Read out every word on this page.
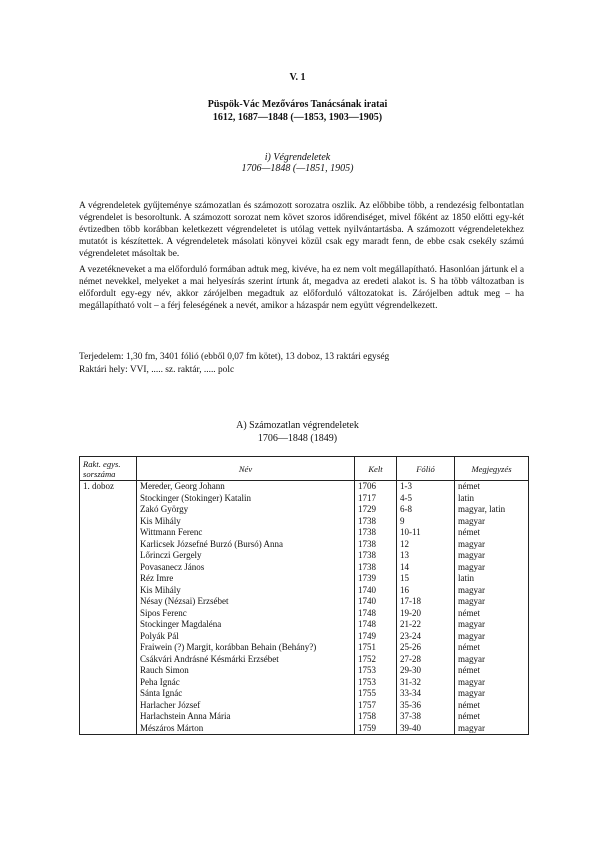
V. 1
Püspök-Vác Mezőváros Tanácsának iratai
1612, 1687—1848 (—1853, 1903—1905)
i) Végrendeletek
1706—1848 (—1851, 1905)
A végrendeletek gyűjteménye számozatlan és számozott sorozatra oszlik. Az előbbibe több, a rendezésig felbontatlan végrendelet is besoroltunk. A számozott sorozat nem követ szoros időrendiséget, mivel főként az 1850 előtti egy-két évtizedben több korábban keletkezett végrendeletet is utólag vettek nyilvántartásba. A számozott végrendeletekhez mutatót is készítettek. A végrendeletek másolati könyvei közül csak egy maradt fenn, de ebbe csak csekély számú végrendeletet másoltak be.
A vezetékneveket a ma előforduló formában adtuk meg, kivéve, ha ez nem volt megállapítható. Hasonlóan jártunk el a német nevekkel, melyeket a mai helyesírás szerint írtunk át, megadva az eredeti alakot is. S ha több változatban is előfordult egy-egy név, akkor zárójelben megadtuk az előforduló változatokat is. Zárójelben adtuk meg – ha megállapítható volt – a férj feleségének a nevét, amikor a házaspár nem együtt végrendelkezett.
Terjedelem: 1,30 fm, 3401 fólió (ebből 0,07 fm kötet), 13 doboz, 13 raktári egység
Raktári hely: VVI, ..... sz. raktár, ..... polc
A) Számozatlan végrendeletek
1706—1848 (1849)
Rakt. egys.
sorszáma	Név	Kelt	Fólió	Megjegyzés
1. doboz	Mereder, Georg Johann	1706	1-3	német
	Stockinger (Stokinger) Katalin	1717	4-5	latin
	Zakó György	1729	6-8	magyar, latin
	Kis Mihály	1738	9	magyar
	Wittmann Ferenc	1738	10-11	német
	Karlicsek Józsefné Burzó (Bursó) Anna	1738	12	magyar
	Lőrinczi Gergely	1738	13	magyar
	Povasanecz János	1738	14	magyar
	Réz Imre	1739	15	latin
	Kis Mihály	1740	16	magyar
	Nésay (Nézsai) Erzsébet	1740	17-18	magyar
	Sipos Ferenc	1748	19-20	német
	Stockinger Magdaléna	1748	21-22	magyar
	Polyák Pál	1749	23-24	magyar
	Fraiwein (?) Margit, korábban Behain (Behány?)	1751	25-26	német
	Csákvári Andrásné Késmárki Erzsébet	1752	27-28	magyar
	Rauch Simon	1753	29-30	német
	Peha Ignác	1753	31-32	magyar
	Sánta Ignác	1755	33-34	magyar
	Harlacher József	1757	35-36	német
	Harlachstein Anna Mária	1758	37-38	német
	Mészáros Márton	1759	39-40	magyar
